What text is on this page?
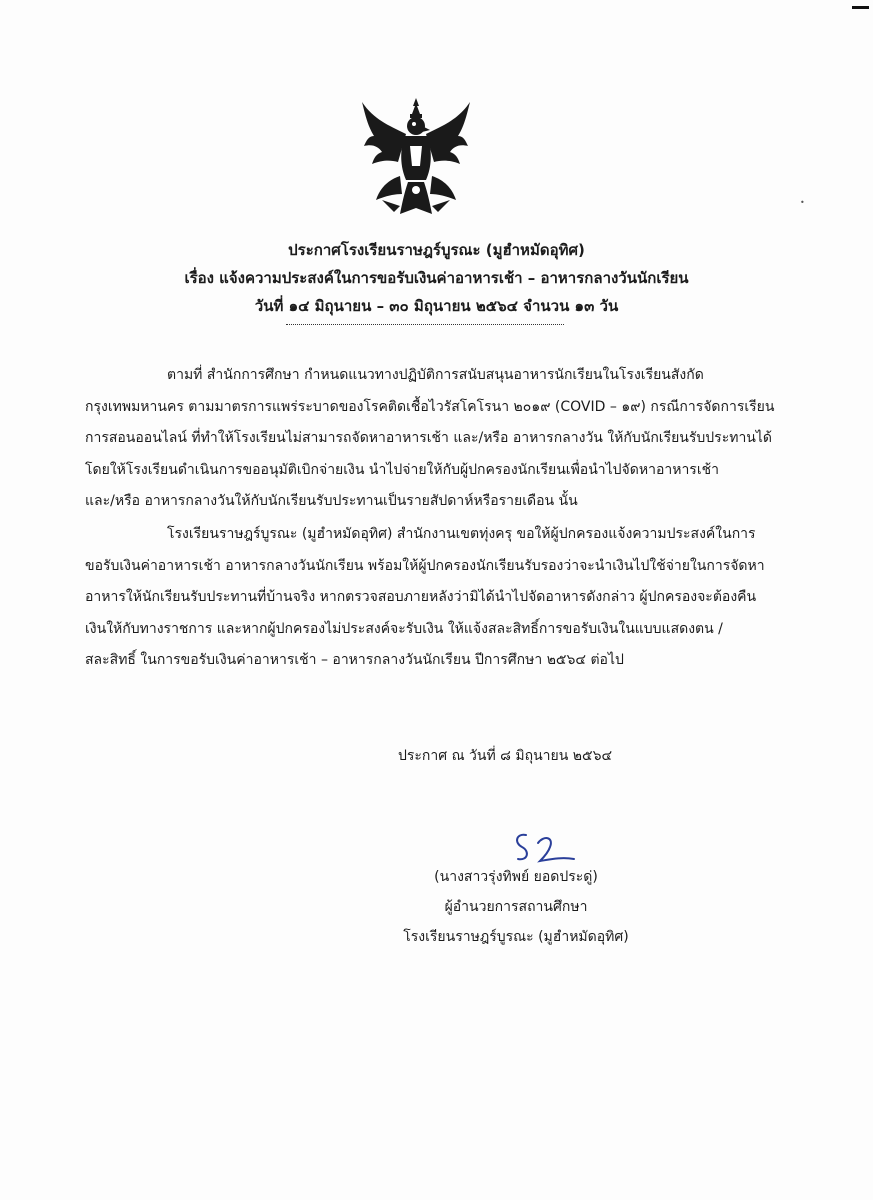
•
ประกาศโรงเรียนราษฎร์บูรณะ (มูฮำหมัดอุทิศ)
เรื่อง แจ้งความประสงค์ในการขอรับเงินค่าอาหารเช้า – อาหารกลางวันนักเรียน
วันที่ ๑๔ มิถุนายน – ๓๐ มิถุนายน ๒๕๖๔ จำนวน ๑๓ วัน
ตามที่ สำนักการศึกษา กำหนดแนวทางปฏิบัติการสนับสนุนอาหารนักเรียนในโรงเรียนสังกัด
กรุงเทพมหานคร ตามมาตรการแพร่ระบาดของโรคติดเชื้อไวรัสโคโรนา ๒๐๑๙ (COVID – ๑๙) กรณีการจัดการเรียน
การสอนออนไลน์ ที่ทำให้โรงเรียนไม่สามารถจัดหาอาหารเช้า และ/หรือ อาหารกลางวัน ให้กับนักเรียนรับประทานได้
โดยให้โรงเรียนดำเนินการขออนุมัติเบิกจ่ายเงิน นำไปจ่ายให้กับผู้ปกครองนักเรียนเพื่อนำไปจัดหาอาหารเช้า
และ/หรือ อาหารกลางวันให้กับนักเรียนรับประทานเป็นรายสัปดาห์หรือรายเดือน นั้น
โรงเรียนราษฎร์บูรณะ (มูฮำหมัดอุทิศ) สำนักงานเขตทุ่งครุ ขอให้ผู้ปกครองแจ้งความประสงค์ในการ
ขอรับเงินค่าอาหารเช้า อาหารกลางวันนักเรียน พร้อมให้ผู้ปกครองนักเรียนรับรองว่าจะนำเงินไปใช้จ่ายในการจัดหา
อาหารให้นักเรียนรับประทานที่บ้านจริง หากตรวจสอบภายหลังว่ามิได้นำไปจัดอาหารดังกล่าว ผู้ปกครองจะต้องคืน
เงินให้กับทางราชการ และหากผู้ปกครองไม่ประสงค์จะรับเงิน ให้แจ้งสละสิทธิ์การขอรับเงินในแบบแสดงตน /
สละสิทธิ์ ในการขอรับเงินค่าอาหารเช้า – อาหารกลางวันนักเรียน ปีการศึกษา ๒๕๖๔ ต่อไป
ประกาศ ณ วันที่ ๘ มิถุนายน ๒๕๖๔
(นางสาวรุ่งทิพย์ ยอดประดู่)
ผู้อำนวยการสถานศึกษา
โรงเรียนราษฎร์บูรณะ (มูฮำหมัดอุทิศ)
